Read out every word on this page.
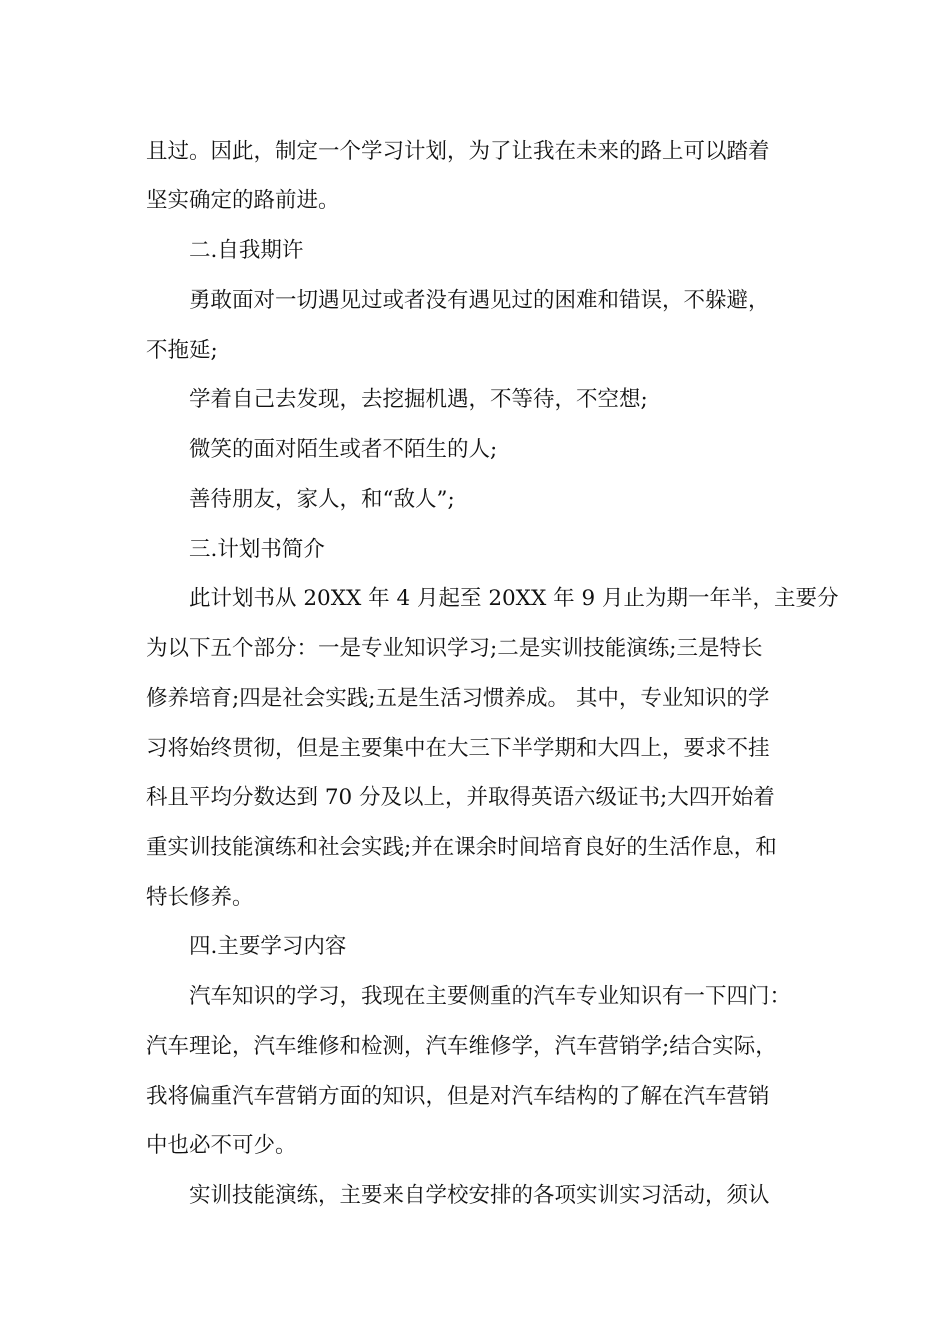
且过。因此，制定一个学习计划，为了让我在未来的路上可以踏着
坚实确定的路前进。
二.自我期许
勇敢面对一切遇见过或者没有遇见过的困难和错误，不躲避，
不拖延;
学着自己去发现，去挖掘机遇，不等待，不空想;
微笑的面对陌生或者不陌生的人;
善待朋友，家人，和“敌人”;
三.计划书简介
此计划书从 20XX 年 4 月起至 20XX 年 9 月止为期一年半，主要分
为以下五个部分：一是专业知识学习;二是实训技能演练;三是特长
修养培育;四是社会实践;五是生活习惯养成。 其中，专业知识的学
习将始终贯彻，但是主要集中在大三下半学期和大四上，要求不挂
科且平均分数达到 70 分及以上，并取得英语六级证书;大四开始着
重实训技能演练和社会实践;并在课余时间培育良好的生活作息，和
特长修养。
四.主要学习内容
汽车知识的学习，我现在主要侧重的汽车专业知识有一下四门：
汽车理论，汽车维修和检测，汽车维修学，汽车营销学;结合实际，
我将偏重汽车营销方面的知识，但是对汽车结构的了解在汽车营销
中也必不可少。
实训技能演练，主要来自学校安排的各项实训实习活动，须认
